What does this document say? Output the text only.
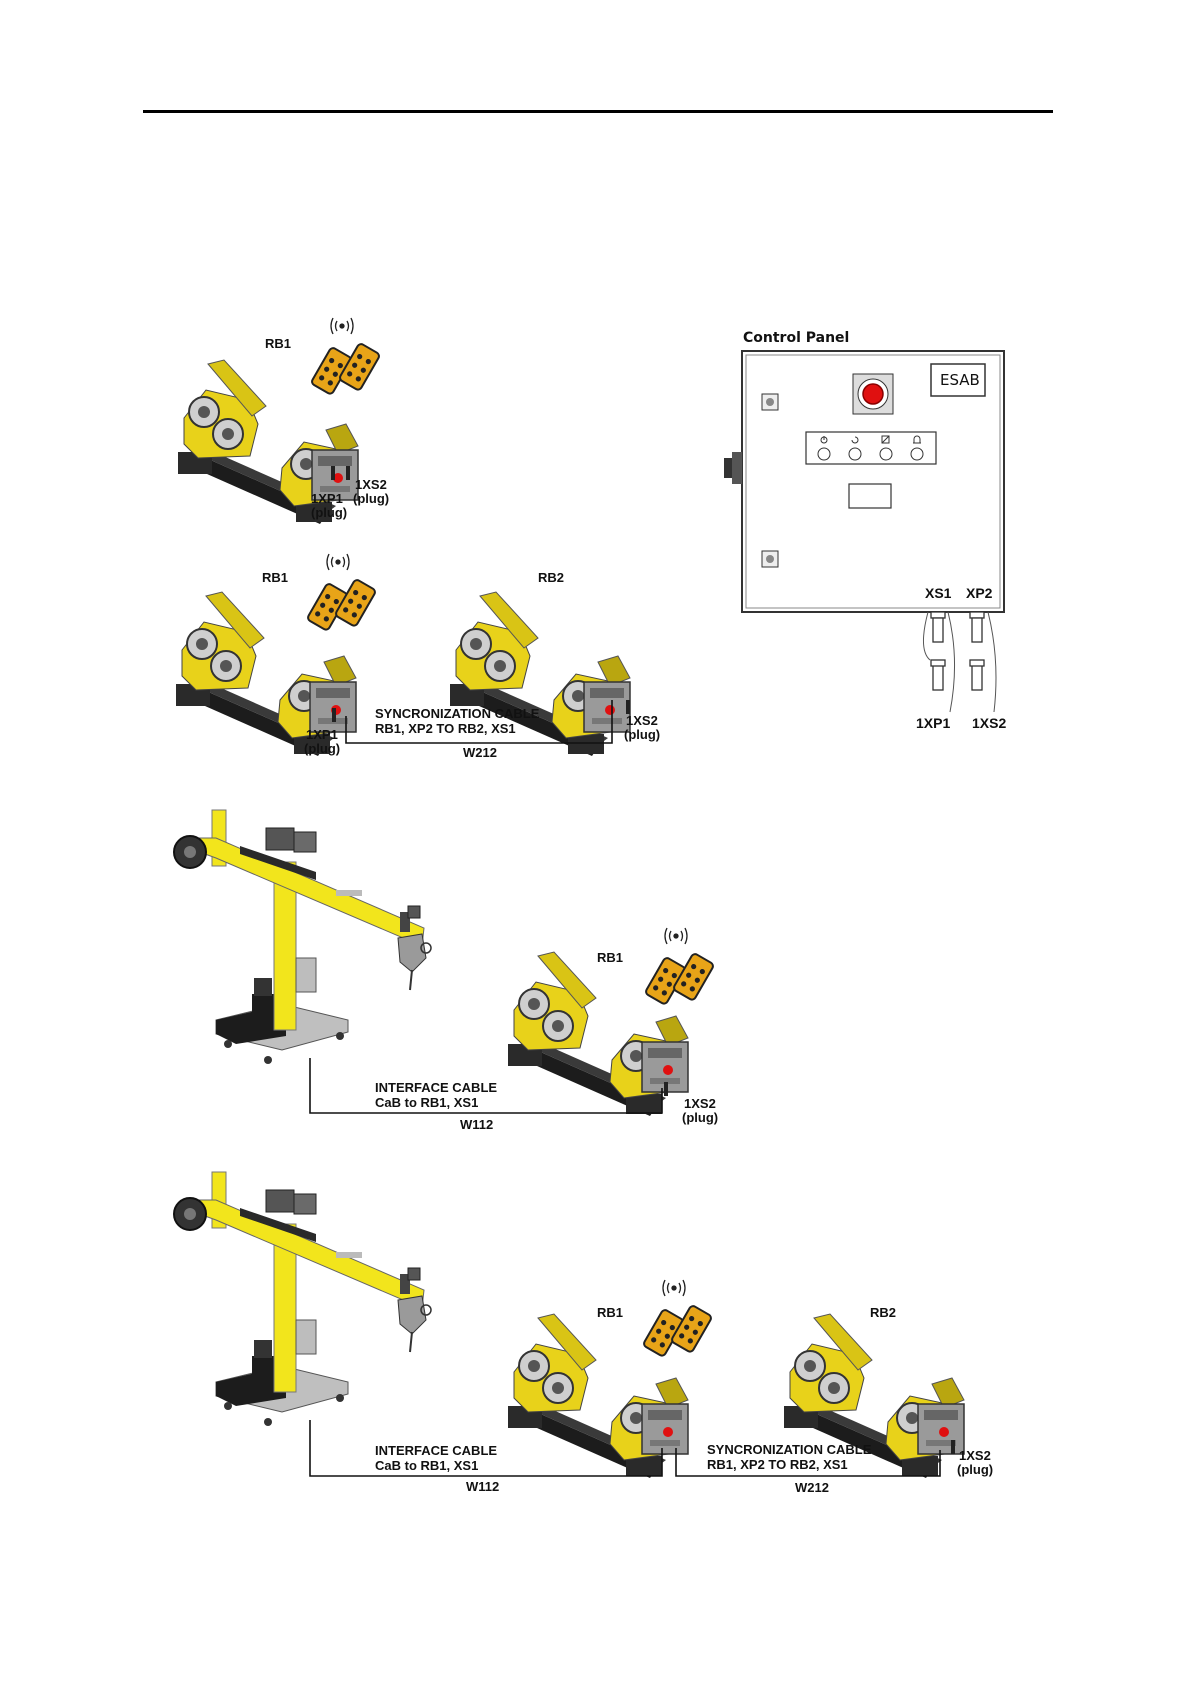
RB1
1XP1
(plug)
1XS2
(plug)
RB1	RB2
SYNCRONIZATION CABLE
RB1, XP2 TO RB2, XS1
W212
1XP1
(plug)
1XS2
(plug)
Control Panel
ESAB
XS1 XP2
1XP1 1XS2
RB1
INTERFACE CABLE
CaB to RB1, XS1
W112
1XS2
(plug)
RB1	RB2
INTERFACE CABLE
CaB to RB1, XS1
W112
SYNCRONIZATION CABLE
RB1, XP2 TO RB2, XS1
W212
1XS2
(plug)
